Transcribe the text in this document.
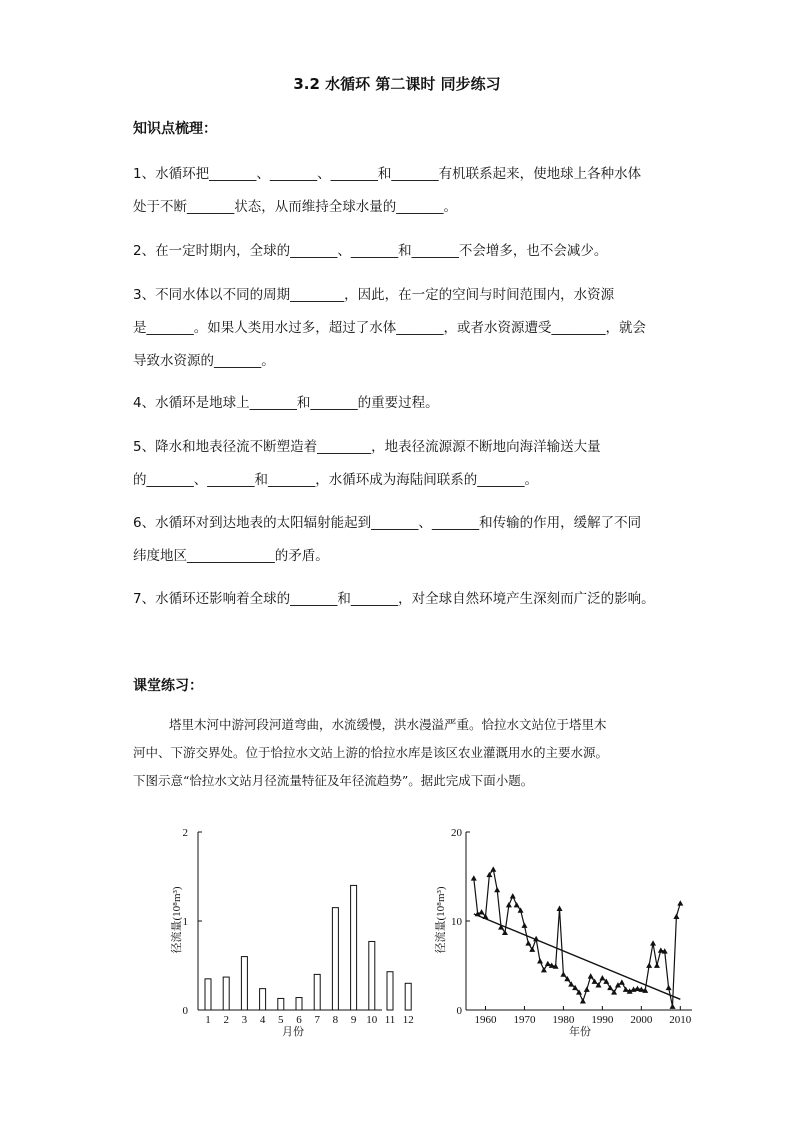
3.2 水循环 第二课时 同步练习
知识点梳理：
1、水循环把_______、_______、_______和_______有机联系起来，使地球上各种水体
处于不断_______状态，从而维持全球水量的_______。
2、在一定时期内，全球的_______、_______和_______不会增多，也不会减少。
3、不同水体以不同的周期________，因此，在一定的空间与时间范围内，水资源
是_______。如果人类用水过多，超过了水体_______，或者水资源遭受________，就会
导致水资源的_______。
4、水循环是地球上_______和_______的重要过程。
5、降水和地表径流不断塑造着________，地表径流源源不断地向海洋输送大量
的_______、_______和_______，水循环成为海陆间联系的_______。
6、水循环对到达地表的太阳辐射能起到_______、_______和传输的作用，缓解了不同
纬度地区_____________的矛盾。
7、水循环还影响着全球的_______和_______，对全球自然环境产生深刻而广泛的影响。
课堂练习：
塔里木河中游河段河道弯曲，水流缓慢，洪水漫溢严重。恰拉水文站位于塔里木
河中、下游交界处。位于恰拉水文站上游的恰拉水库是该区农业灌溉用水的主要水源。
下图示意“恰拉水文站月径流量特征及年径流趋势”。据此完成下面小题。
0
1
2
1 2 3 4 5 6 7 8 9 10 11 12
月份
径流量(10⁸m³)
0
10
20
1960 1970 1980 1990 2000 2010
年份
径流量(10⁸m³)
